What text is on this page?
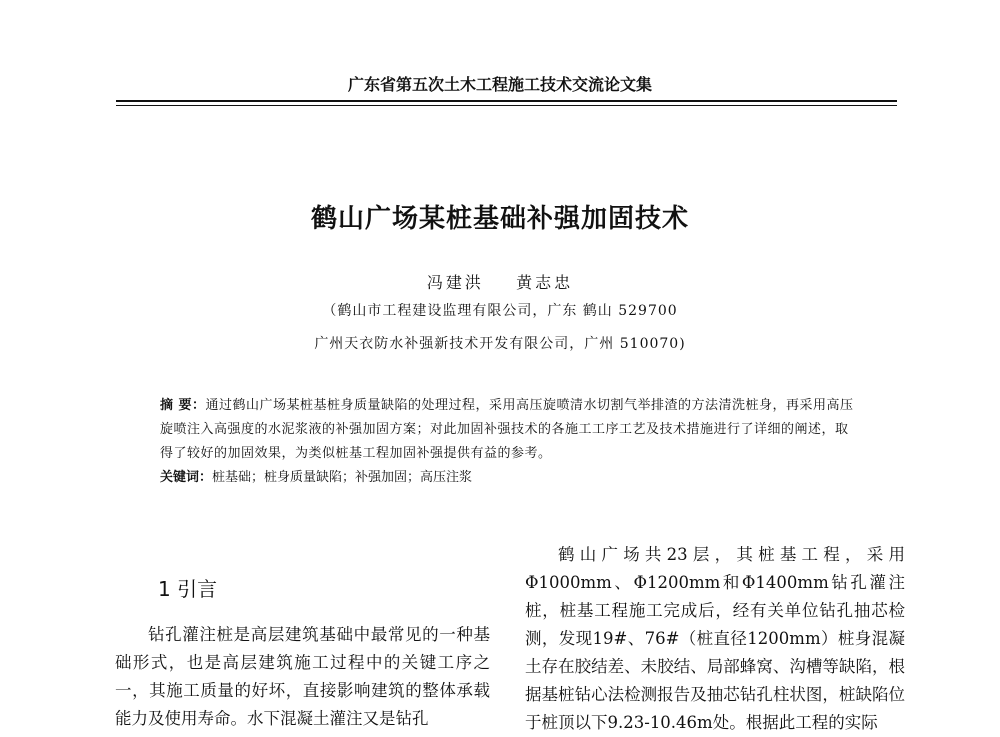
广东省第五次土木工程施工技术交流论文集
鹤山广场某桩基础补强加固技术
冯建洪    黄志忠
（鹤山市工程建设监理有限公司，广东 鹤山 529700
广州天衣防水补强新技术开发有限公司，广州 510070)
摘 要：通过鹤山广场某桩基桩身质量缺陷的处理过程，采用高压旋喷清水切割气举排渣的方法清洗桩身，再采用高压旋喷注入高强度的水泥浆液的补强加固方案；对此加固补强技术的各施工工序工艺及技术措施进行了详细的阐述，取得了较好的加固效果，为类似桩基工程加固补强提供有益的参考。
关键词：桩基础；桩身质量缺陷；补强加固；高压注浆
1 引言

钻孔灌注桩是高层建筑基础中最常见的一种基础形式，也是高层建筑施工过程中的关键工序之一，其施工质量的好坏，直接影响建筑的整体承载能力及使用寿命。水下混凝土灌注又是钻孔

鹤山广场共23层，其桩基工程，采用Φ1000mm、Φ1200mm和Φ1400mm钻孔灌注桩，桩基工程施工完成后，经有关单位钻孔抽芯检测，发现19#、76#（桩直径1200mm）桩身混凝土存在胶结差、未胶结、局部蜂窝、沟槽等缺陷，根据基桩钻心法检测报告及抽芯钻孔柱状图，桩缺陷位于桩顶以下9.23-10.46m处。根据此工程的实际
